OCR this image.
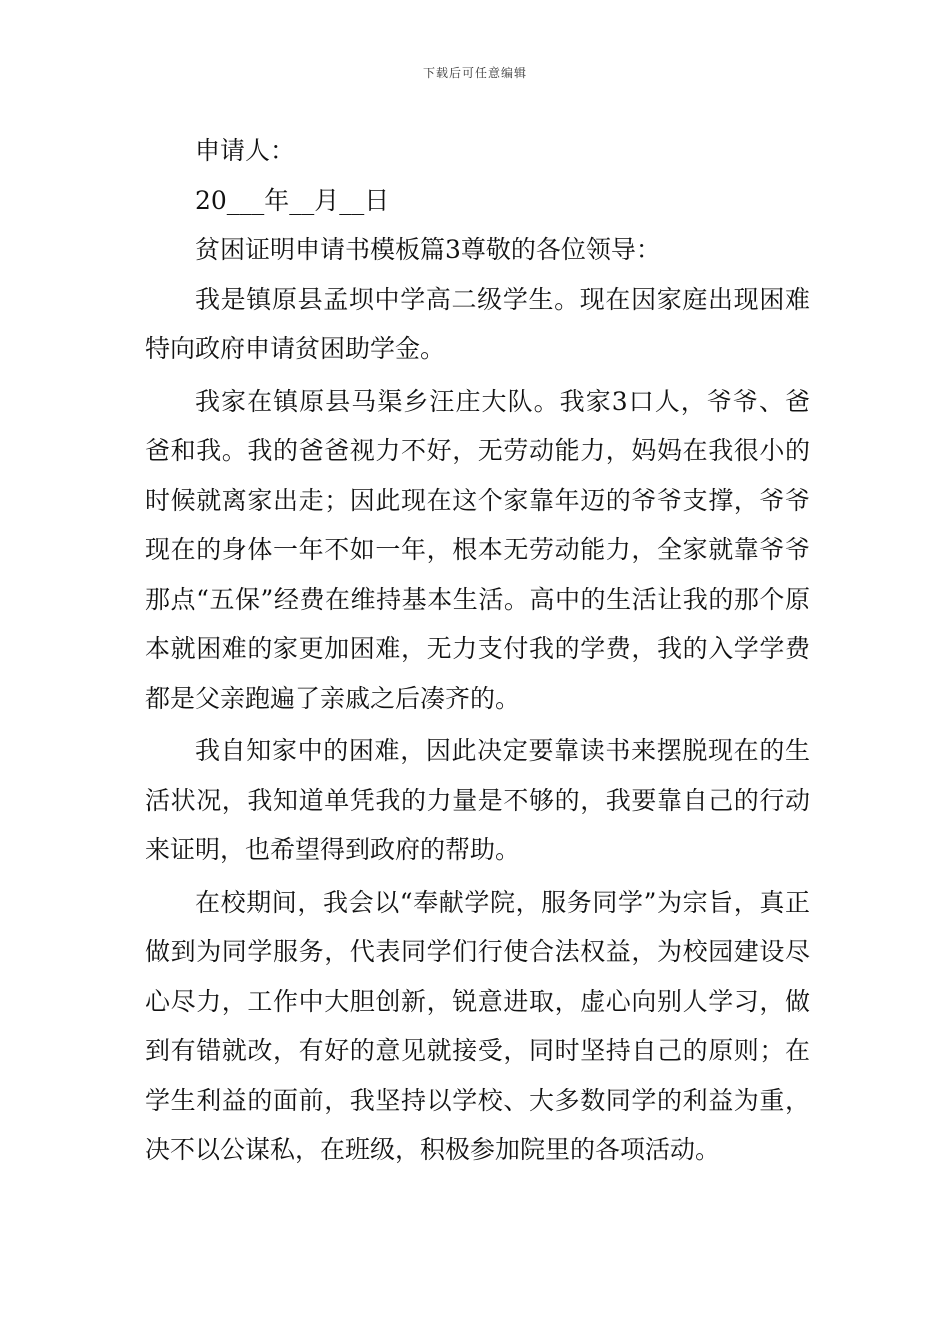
下载后可任意编辑

申请人：

20___年__月__日

贫困证明申请书模板篇3尊敬的各位领导：

我是镇原县孟坝中学高二级学生。现在因家庭出现困难特向政府申请贫困助学金。

我家在镇原县马渠乡汪庄大队。我家3口人，爷爷、爸爸和我。我的爸爸视力不好，无劳动能力，妈妈在我很小的时候就离家出走；因此现在这个家靠年迈的爷爷支撑，爷爷现在的身体一年不如一年，根本无劳动能力，全家就靠爷爷那点“五保”经费在维持基本生活。高中的生活让我的那个原本就困难的家更加困难，无力支付我的学费，我的入学学费都是父亲跑遍了亲戚之后凑齐的。

我自知家中的困难，因此决定要靠读书来摆脱现在的生活状况，我知道单凭我的力量是不够的，我要靠自己的行动来证明，也希望得到政府的帮助。

在校期间，我会以“奉献学院，服务同学”为宗旨，真正做到为同学服务，代表同学们行使合法权益，为校园建设尽心尽力，工作中大胆创新，锐意进取，虚心向别人学习，做到有错就改，有好的意见就接受，同时坚持自己的原则；在学生利益的面前，我坚持以学校、大多数同学的利益为重，决不以公谋私，在班级，积极参加院里的各项活动。
